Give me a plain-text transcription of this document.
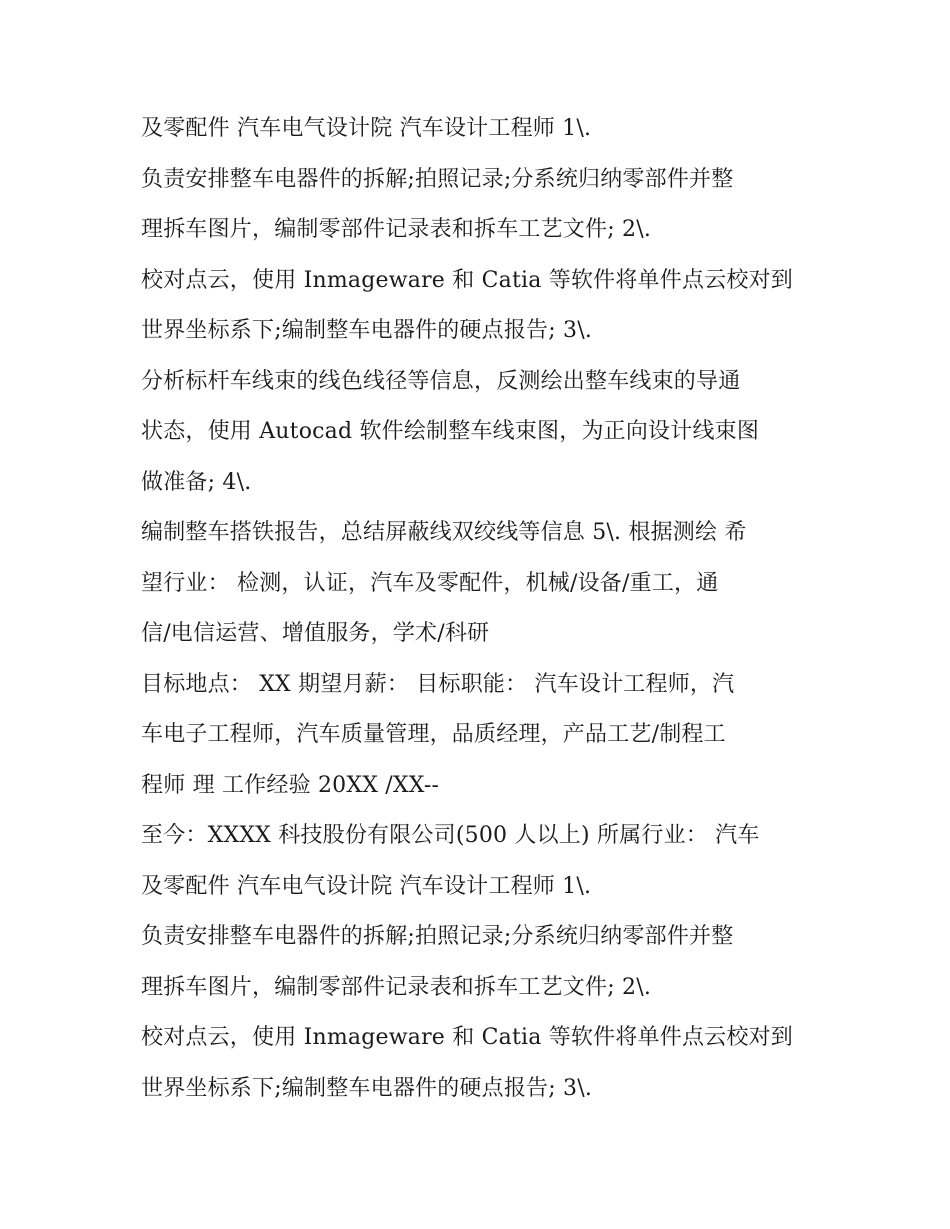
及零配件 汽车电气设计院 汽车设计工程师 1\.

负责安排整车电器件的拆解;拍照记录;分系统归纳零部件并整
理拆车图片，编制零部件记录表和拆车工艺文件; 2\.

校对点云，使用 Inmageware 和 Catia 等软件将单件点云校对到
世界坐标系下;编制整车电器件的硬点报告; 3\.

分析标杆车线束的线色线径等信息，反测绘出整车线束的导通
状态，使用 Autocad 软件绘制整车线束图，为正向设计线束图
做准备; 4\.

编制整车搭铁报告，总结屏蔽线双绞线等信息 5\. 根据测绘 希
望行业： 检测，认证，汽车及零配件，机械/设备/重工，通
信/电信运营、增值服务，学术/科研

目标地点： XX 期望月薪： 目标职能： 汽车设计工程师，汽
车电子工程师，汽车质量管理，品质经理，产品工艺/制程工
程师 理 工作经验 20XX /XX--

至今：XXXX 科技股份有限公司(500 人以上) 所属行业： 汽车
及零配件 汽车电气设计院 汽车设计工程师 1\.

负责安排整车电器件的拆解;拍照记录;分系统归纳零部件并整
理拆车图片，编制零部件记录表和拆车工艺文件; 2\.

校对点云，使用 Inmageware 和 Catia 等软件将单件点云校对到
世界坐标系下;编制整车电器件的硬点报告; 3\.
